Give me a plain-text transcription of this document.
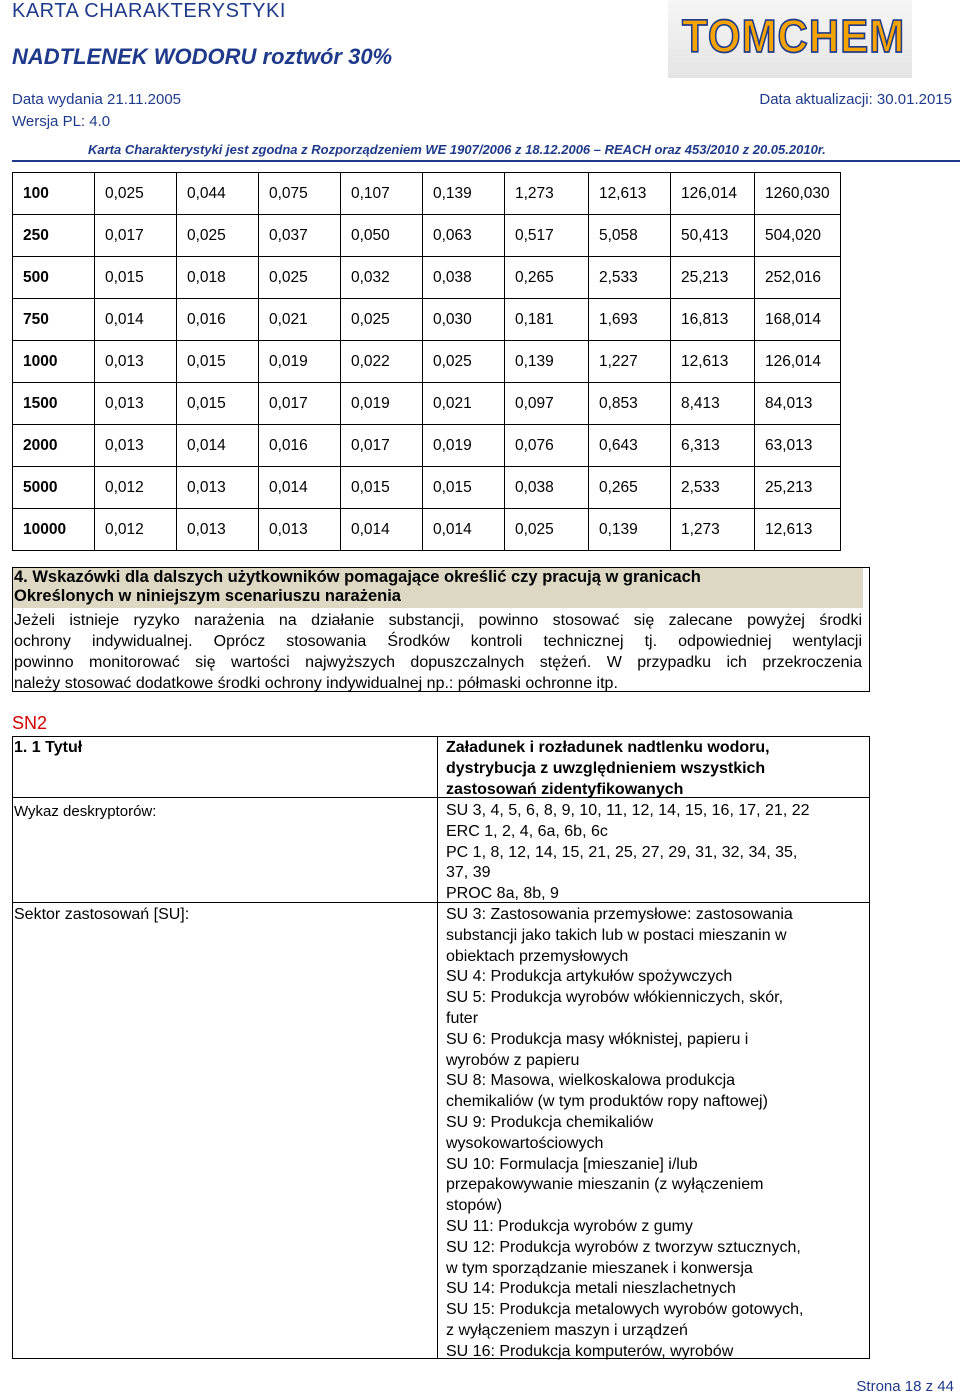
KARTA CHARAKTERYSTYKI
NADTLENEK WODORU roztwór 30%	TOMCHEM
Data wydania 21.11.2005	Data aktualizacji: 30.01.2015
Wersja PL: 4.0
Karta Charakterystyki jest zgodna z Rozporządzeniem WE 1907/2006 z 18.12.2006 – REACH oraz 453/2010 z 20.05.2010r.
100	0,025	0,044	0,075	0,107	0,139	1,273	12,613	126,014	1260,030
250	0,017	0,025	0,037	0,050	0,063	0,517	5,058	50,413	504,020
500	0,015	0,018	0,025	0,032	0,038	0,265	2,533	25,213	252,016
750	0,014	0,016	0,021	0,025	0,030	0,181	1,693	16,813	168,014
1000	0,013	0,015	0,019	0,022	0,025	0,139	1,227	12,613	126,014
1500	0,013	0,015	0,017	0,019	0,021	0,097	0,853	8,413	84,013
2000	0,013	0,014	0,016	0,017	0,019	0,076	0,643	6,313	63,013
5000	0,012	0,013	0,014	0,015	0,015	0,038	0,265	2,533	25,213
10000	0,012	0,013	0,013	0,014	0,014	0,025	0,139	1,273	12,613
4. Wskazówki dla dalszych użytkowników pomagające określić czy pracują w granicach
Określonych w niniejszym scenariuszu narażenia
Jeżeli istnieje ryzyko narażenia na działanie substancji, powinno stosować się zalecane powyżej środki
ochrony indywidualnej. Oprócz stosowania Środków kontroli technicznej tj. odpowiedniej wentylacji
powinno monitorować się wartości najwyższych dopuszczalnych stężeń. W przypadku ich przekroczenia
należy stosować dodatkowe środki ochrony indywidualnej np.: półmaski ochronne itp.
SN2
1. 1 Tytuł	Załadunek i rozładunek nadtlenku wodoru,
dystrybucja z uwzględnieniem wszystkich
zastosowań zidentyfikowanych
Wykaz deskryptorów:	SU 3, 4, 5, 6, 8, 9, 10, 11, 12, 14, 15, 16, 17, 21, 22
ERC 1, 2, 4, 6a, 6b, 6c
PC 1, 8, 12, 14, 15, 21, 25, 27, 29, 31, 32, 34, 35,
37, 39
PROC 8a, 8b, 9
Sektor zastosowań [SU]:	SU 3: Zastosowania przemysłowe: zastosowania
substancji jako takich lub w postaci mieszanin w
obiektach przemysłowych
SU 4: Produkcja artykułów spożywczych
SU 5: Produkcja wyrobów włókienniczych, skór,
futer
SU 6: Produkcja masy włóknistej, papieru i
wyrobów z papieru
SU 8: Masowa, wielkoskalowa produkcja
chemikaliów (w tym produktów ropy naftowej)
SU 9: Produkcja chemikaliów
wysokowartościowych
SU 10: Formulacja [mieszanie] i/lub
przepakowywanie mieszanin (z wyłączeniem
stopów)
SU 11: Produkcja wyrobów z gumy
SU 12: Produkcja wyrobów z tworzyw sztucznych,
w tym sporządzanie mieszanek i konwersja
SU 14: Produkcja metali nieszlachetnych
SU 15: Produkcja metalowych wyrobów gotowych,
z wyłączeniem maszyn i urządzeń
SU 16: Produkcja komputerów, wyrobów
Strona 18 z 44
